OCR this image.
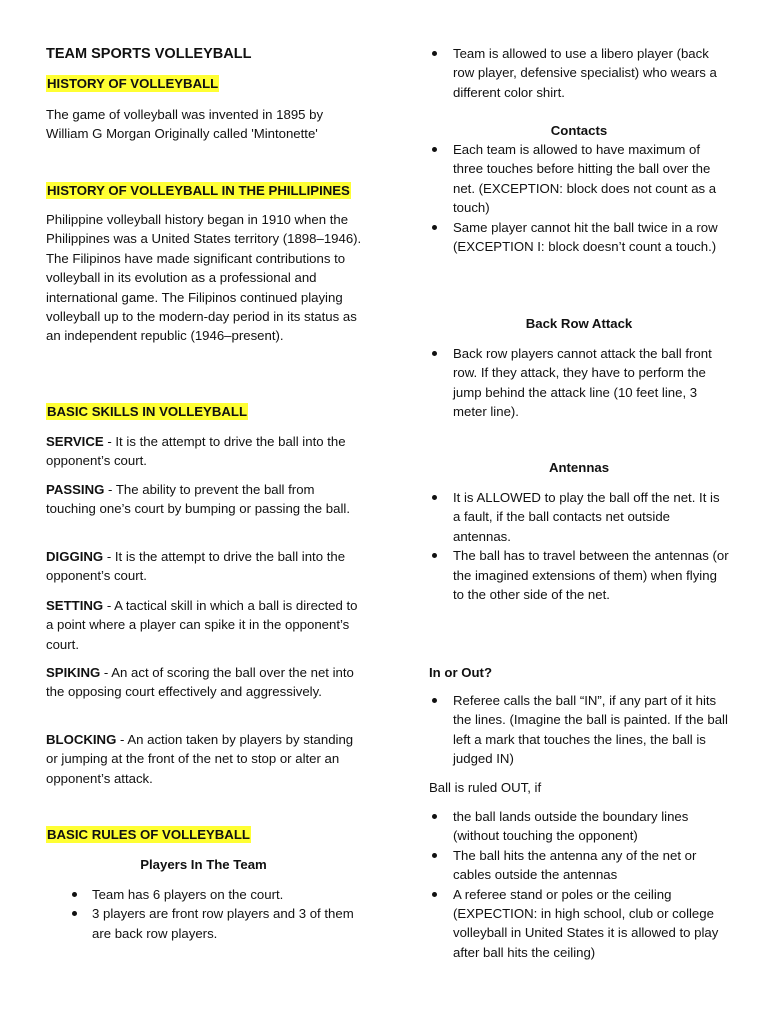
TEAM SPORTS VOLLEYBALL
HISTORY OF VOLLEYBALL

The game of volleyball was invented in 1895 by William G Morgan Originally called 'Mintonette'

HISTORY OF VOLLEYBALL IN THE PHILLIPINES

Philippine volleyball history began in 1910 when the Philippines was a United States territory (1898–1946). The Filipinos have made significant contributions to volleyball in its evolution as a professional and international game. The Filipinos continued playing volleyball up to the modern-day period in its status as an independent republic (1946–present).

BASIC SKILLS IN VOLLEYBALL

SERVICE - It is the attempt to drive the ball into the opponent’s court.

PASSING - The ability to prevent the ball from touching one’s court by bumping or passing the ball.

DIGGING - It is the attempt to drive the ball into the opponent’s court.

SETTING - A tactical skill in which a ball is directed to a point where a player can spike it in the opponent’s court.

SPIKING - An act of scoring the ball over the net into the opposing court effectively and aggressively.

BLOCKING - An action taken by players by standing or jumping at the front of the net to stop or alter an opponent’s attack.

BASIC RULES OF VOLLEYBALL
Players In The Team
Team has 6 players on the court.
3 players are front row players and 3 of them are back row players.
Team is allowed to use a libero player (back row player, defensive specialist) who wears a different color shirt.
Contacts
Each team is allowed to have maximum of three touches before hitting the ball over the net. (EXCEPTION: block does not count as a touch)
Same player cannot hit the ball twice in a row (EXCEPTION I: block doesn’t count a touch.)
Back Row Attack
Back row players cannot attack the ball front row. If they attack, they have to perform the jump behind the attack line (10 feet line, 3 meter line).
Antennas
It is ALLOWED to play the ball off the net. It is a fault, if the ball contacts net outside antennas.
The ball has to travel between the antennas (or the imagined extensions of them) when flying to the other side of the net.
In or Out?
Referee calls the ball “IN”, if any part of it hits the lines. (Imagine the ball is painted. If the ball left a mark that touches the lines, the ball is judged IN)
Ball is ruled OUT, if
the ball lands outside the boundary lines (without touching the opponent)
The ball hits the antenna any of the net or cables outside the antennas
A referee stand or poles or the ceiling (EXPECTION: in high school, club or college volleyball in United States it is allowed to play after ball hits the ceiling)
